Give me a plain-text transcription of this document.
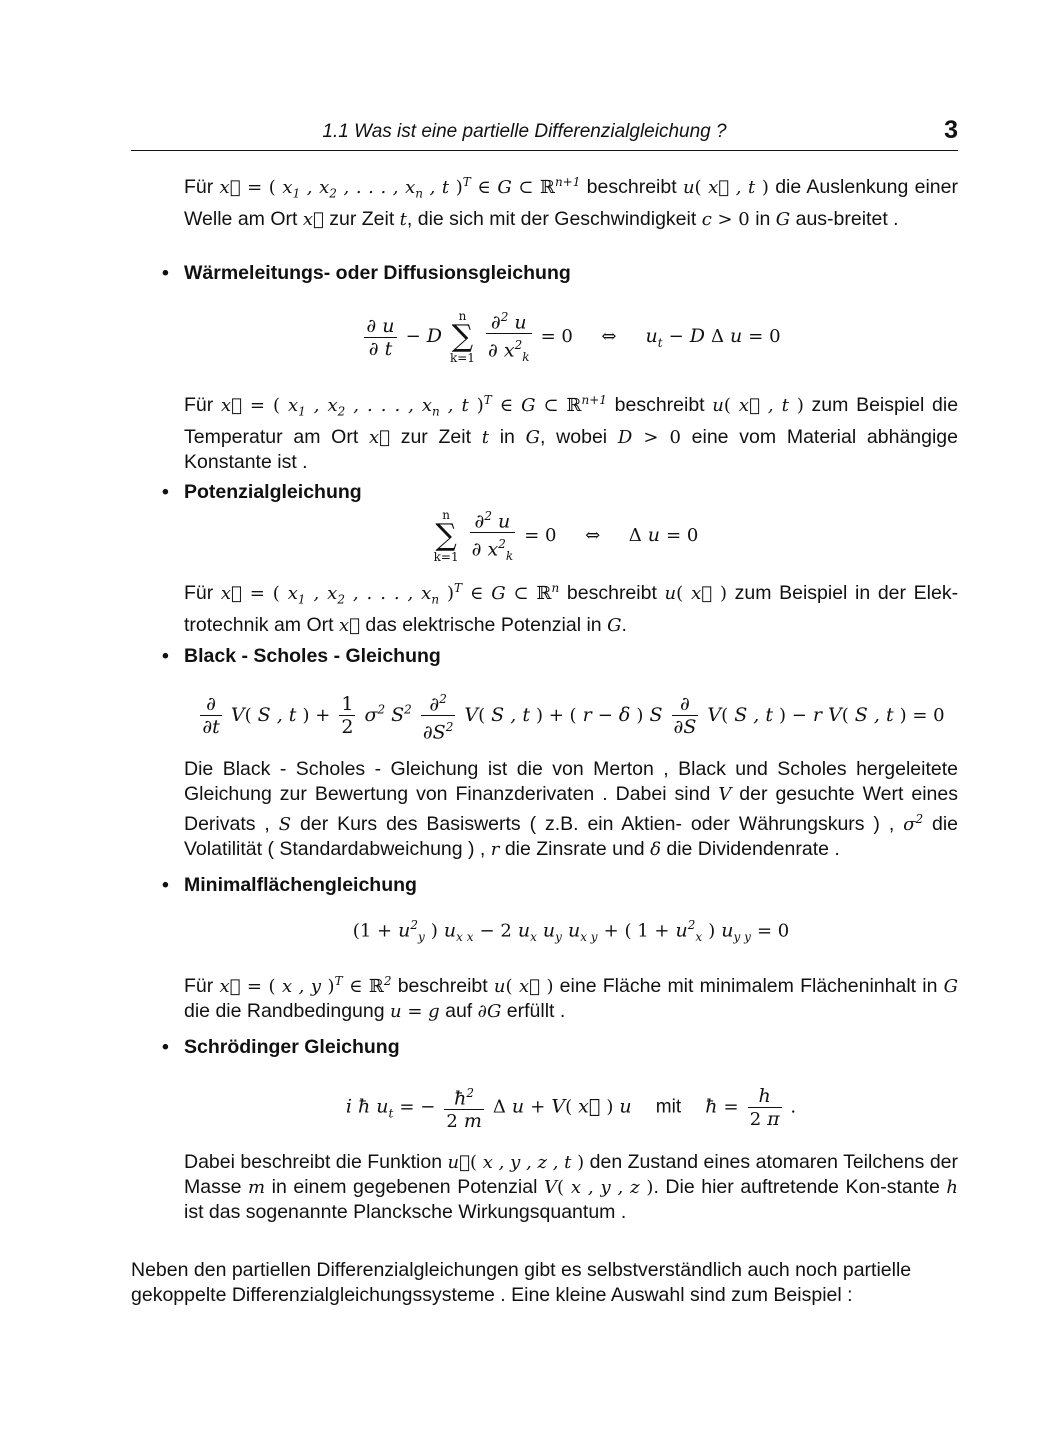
1.1 Was ist eine partielle Differenzialgleichung ?	3
Für x⃗ = ( $x_1$ , $x_2$ , . . . , $x_n$ , t )$^T$ ∈ G ⊂ ℝ$^{n+1}$ beschreibt u( x⃗ , t ) die Auslenkung einer Welle am Ort x⃗ zur Zeit t, die sich mit der Geschwindigkeit c > 0 in G aus-breitet .
• Wärmeleitungs- oder Diffusionsgleichung
$\frac{\partial u}{\partial t} - D$
n
∑
k=1
$\frac{\partial^2 u}{\partial x^2_k} = 0$     ⇔     $u_t - D$ Δ u = 0
Für x⃗ = ( $x_1$ , $x_2$ , . . . , $x_n$ , t )$^T$ ∈ G ⊂ ℝ$^{n+1}$ beschreibt u( x⃗ , t ) zum Beispiel die Temperatur am Ort x⃗ zur Zeit t in G, wobei D > 0 eine vom Material abhängige Konstante ist .
• Potenzialgleichung
n
∑
k=1
$\frac{\partial^2 u}{\partial x^2_k} = 0$     ⇔     Δ u = 0
Für x⃗ = ( $x_1$ , $x_2$ , . . . , $x_n$ )$^T$ ∈ G ⊂ ℝ$^n$ beschreibt u( x⃗ ) zum Beispiel in der Elek-trotechnik am Ort x⃗ das elektrische Potenzial in G.
• Black - Scholes - Gleichung
$\frac{\partial}{\partial t} V$( S , t ) + $\frac{1}{2} \sigma^2$ $S^2 \frac{\partial^2}{\partial S^2} V$( S , t ) + ( r − δ ) S $\frac{\partial}{\partial S} V$( S , t ) − r V( S , t ) = 0
Die Black - Scholes - Gleichung ist die von Merton , Black und Scholes hergeleitete Gleichung zur Bewertung von Finanzderivaten . Dabei sind V der gesuchte Wert eines Derivats , S der Kurs des Basiswerts ( z.B. ein Aktien- oder Währungskurs ) , $\sigma^2$ die Volatilität ( Standardabweichung ) , r die Zinsrate und δ die Dividendenrate .
• Minimalflächengleichung
($1 + u^2_y$ ) $u_{x x} - 2$ $u_x$ $u_y$ $u_{x y}$ + ( $1 + u^2_x$ ) $u_{y y} = 0$
Für x⃗ = ( x , y )$^T$ ∈ ℝ$^2$ beschreibt u( x⃗ ) eine Fläche mit minimalem Flächeninhalt in G die die Randbedingung u = g auf ∂G erfüllt .
• Schrödinger Gleichung
i ħ $u_t$ = − $\frac{ħ^2}{2 m}$ Δ u + V( x⃗ ) u    mit    ħ = $\frac{h}{2 \pi}$ .
Dabei beschreibt die Funktion u⃗( x , y , z , t ) den Zustand eines atomaren Teilchens der Masse m in einem gegebenen Potenzial V( x , y , z ). Die hier auftretende Kon-stante h ist das sogenannte Plancksche Wirkungsquantum .
Neben den partiellen Differenzialgleichungen gibt es selbstverständlich auch noch partielle gekoppelte Differenzialgleichungssysteme . Eine kleine Auswahl sind zum Beispiel :
